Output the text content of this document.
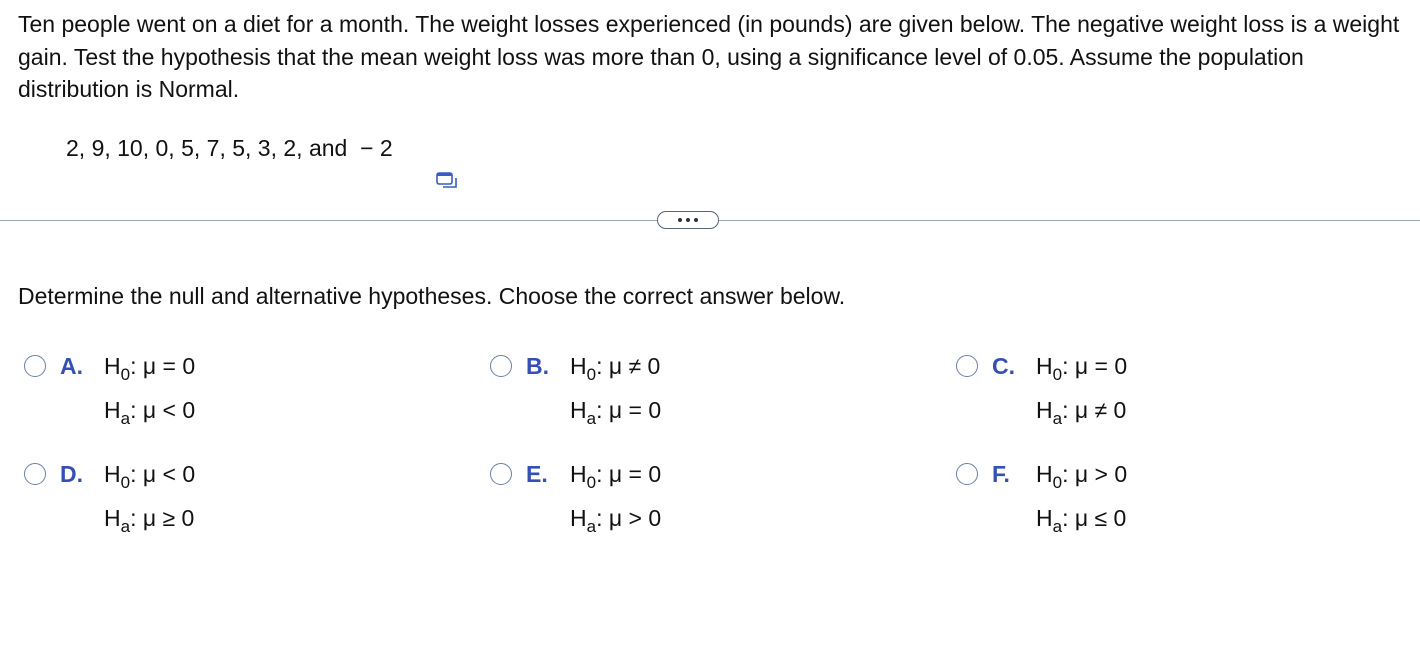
Ten people went on a diet for a month. The weight losses experienced (in pounds) are given below. The negative weight loss is a weight gain. Test the hypothesis that the mean weight loss was more than 0, using a significance level of 0.05. Assume the population distribution is Normal.
2, 9, 10, 0, 5, 7, 5, 3, 2, and  − 2

Determine the null and alternative hypotheses. Choose the correct answer below.
A. $H_0$: μ = 0
$H_a$: μ < 0
B. $H_0$: μ ≠ 0
$H_a$: μ = 0
C. $H_0$: μ = 0
$H_a$: μ ≠ 0
D. $H_0$: μ < 0
$H_a$: μ ≥ 0
E. $H_0$: μ = 0
$H_a$: μ > 0
F. $H_0$: μ > 0
$H_a$: μ ≤ 0
